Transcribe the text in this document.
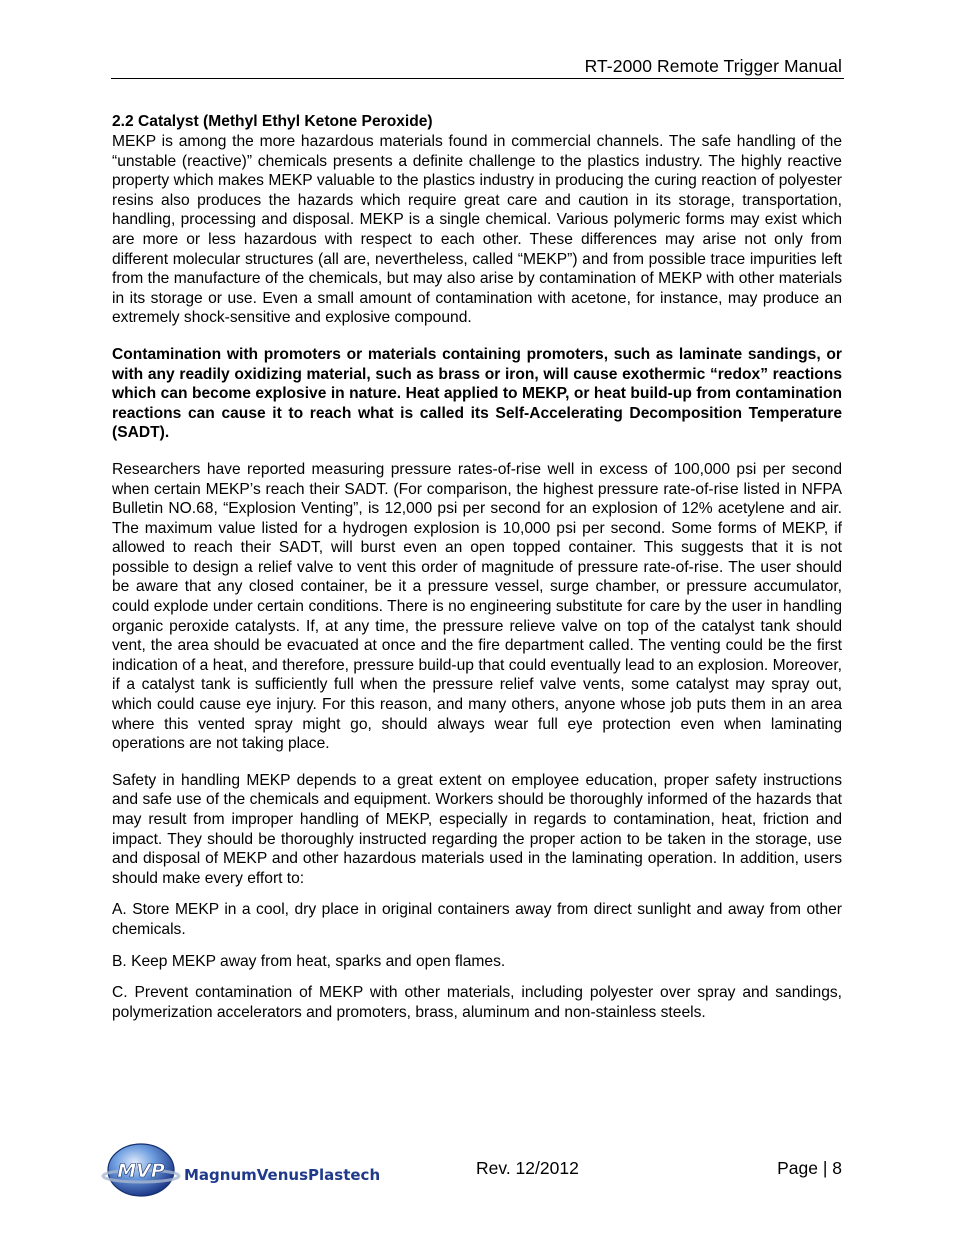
RT-2000 Remote Trigger Manual

2.2 Catalyst (Methyl Ethyl Ketone Peroxide)

MEKP is among the more hazardous materials found in commercial channels. The safe handling of the “unstable (reactive)” chemicals presents a definite challenge to the plastics industry. The highly reactive property which makes MEKP valuable to the plastics industry in producing the curing reaction of polyester resins also produces the hazards which require great care and caution in its storage, transportation, handling, processing and disposal. MEKP is a single chemical. Various polymeric forms may exist which are more or less hazardous with respect to each other. These differences may arise not only from different molecular structures (all are, nevertheless, called “MEKP”) and from possible trace impurities left from the manufacture of the chemicals, but may also arise by contamination of MEKP with other materials in its storage or use. Even a small amount of contamination with acetone, for instance, may produce an extremely shock-sensitive and explosive compound.

Contamination with promoters or materials containing promoters, such as laminate sandings, or with any readily oxidizing material, such as brass or iron, will cause exothermic “redox” reactions which can become explosive in nature. Heat applied to MEKP, or heat build-up from contamination reactions can cause it to reach what is called its Self-Accelerating Decomposition Temperature (SADT).

Researchers have reported measuring pressure rates-of-rise well in excess of 100,000 psi per second when certain MEKP’s reach their SADT. (For comparison, the highest pressure rate-of-rise listed in NFPA Bulletin NO.68, “Explosion Venting”, is 12,000 psi per second for an explosion of 12% acetylene and air. The maximum value listed for a hydrogen explosion is 10,000 psi per second. Some forms of MEKP, if allowed to reach their SADT, will burst even an open topped container. This suggests that it is not possible to design a relief valve to vent this order of magnitude of pressure rate-of-rise. The user should be aware that any closed container, be it a pressure vessel, surge chamber, or pressure accumulator, could explode under certain conditions. There is no engineering substitute for care by the user in handling organic peroxide catalysts. If, at any time, the pressure relieve valve on top of the catalyst tank should vent, the area should be evacuated at once and the fire department called. The venting could be the first indication of a heat, and therefore, pressure build-up that could eventually lead to an explosion. Moreover, if a catalyst tank is sufficiently full when the pressure relief valve vents, some catalyst may spray out, which could cause eye injury. For this reason, and many others, anyone whose job puts them in an area where this vented spray might go, should always wear full eye protection even when laminating operations are not taking place.

Safety in handling MEKP depends to a great extent on employee education, proper safety instructions and safe use of the chemicals and equipment. Workers should be thoroughly informed of the hazards that may result from improper handling of MEKP, especially in regards to contamination, heat, friction and impact. They should be thoroughly instructed regarding the proper action to be taken in the storage, use and disposal of MEKP and other hazardous materials used in the laminating operation. In addition, users should make every effort to:

A. Store MEKP in a cool, dry place in original containers away from direct sunlight and away from other chemicals.

B. Keep MEKP away from heat, sparks and open flames.

C. Prevent contamination of MEKP with other materials, including polyester over spray and sandings, polymerization accelerators and promoters, brass, aluminum and non-stainless steels.

MVP MagnumVenusPlastech	Rev. 12/2012	Page | 8
